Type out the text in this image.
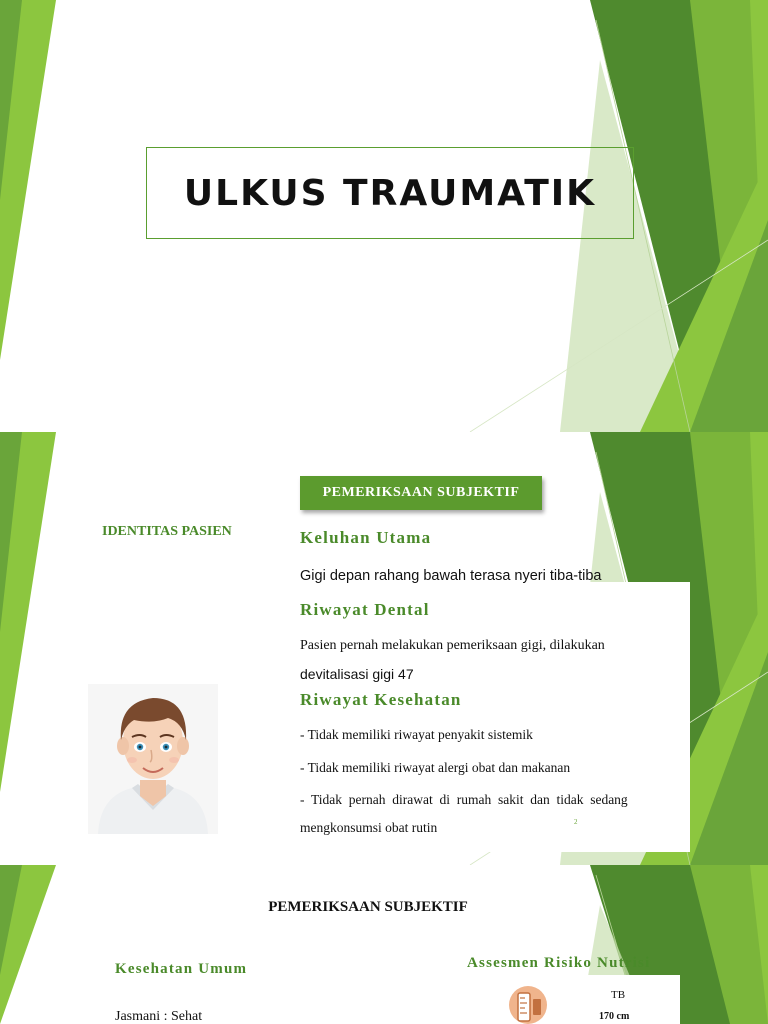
ULKUS TRAUMATIK
PEMERIKSAAN SUBJEKTIF
IDENTITAS PASIEN	Keluhan Utama
Gigi depan rahang bawah terasa nyeri tiba-tiba
Riwayat Dental
Pasien pernah melakukan pemeriksaan gigi, dilakukan
devitalisasi gigi 47
Riwayat Kesehatan
- Tidak memiliki riwayat penyakit sistemik
- Tidak memiliki riwayat alergi obat dan makanan
-  Tidak  pernah  dirawat  di  rumah  sakit  dan  tidak  sedang
mengkonsumsi obat rutin	2
PEMERIKSAAN SUBJEKTIF
Kesehatan Umum
Jasmani : Sehat
Assesmen Risiko Nutrisi
TB
170 cm
